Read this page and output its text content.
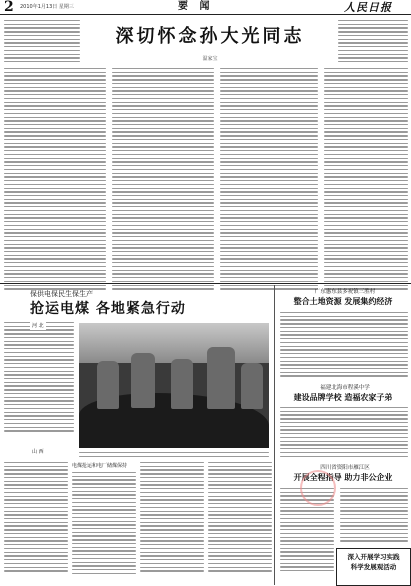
2 2010年1月13日 星期三	要 闻	人民日报
深切怀念孙大光同志
温家宝
保供电保民生保生产
抢运电煤 各地紧急行动
河 北
山 西
电煤抢运和电厂储煤保持
广东惠东县多祝镇三胜村
整合土地资源 发展集约经济
福建北海市程溪中学
建设品牌学校 造福农家子弟
四川省资阳市雁江区
开展全程指导 助力非公企业
深入开展学习实践
科学发展观活动
